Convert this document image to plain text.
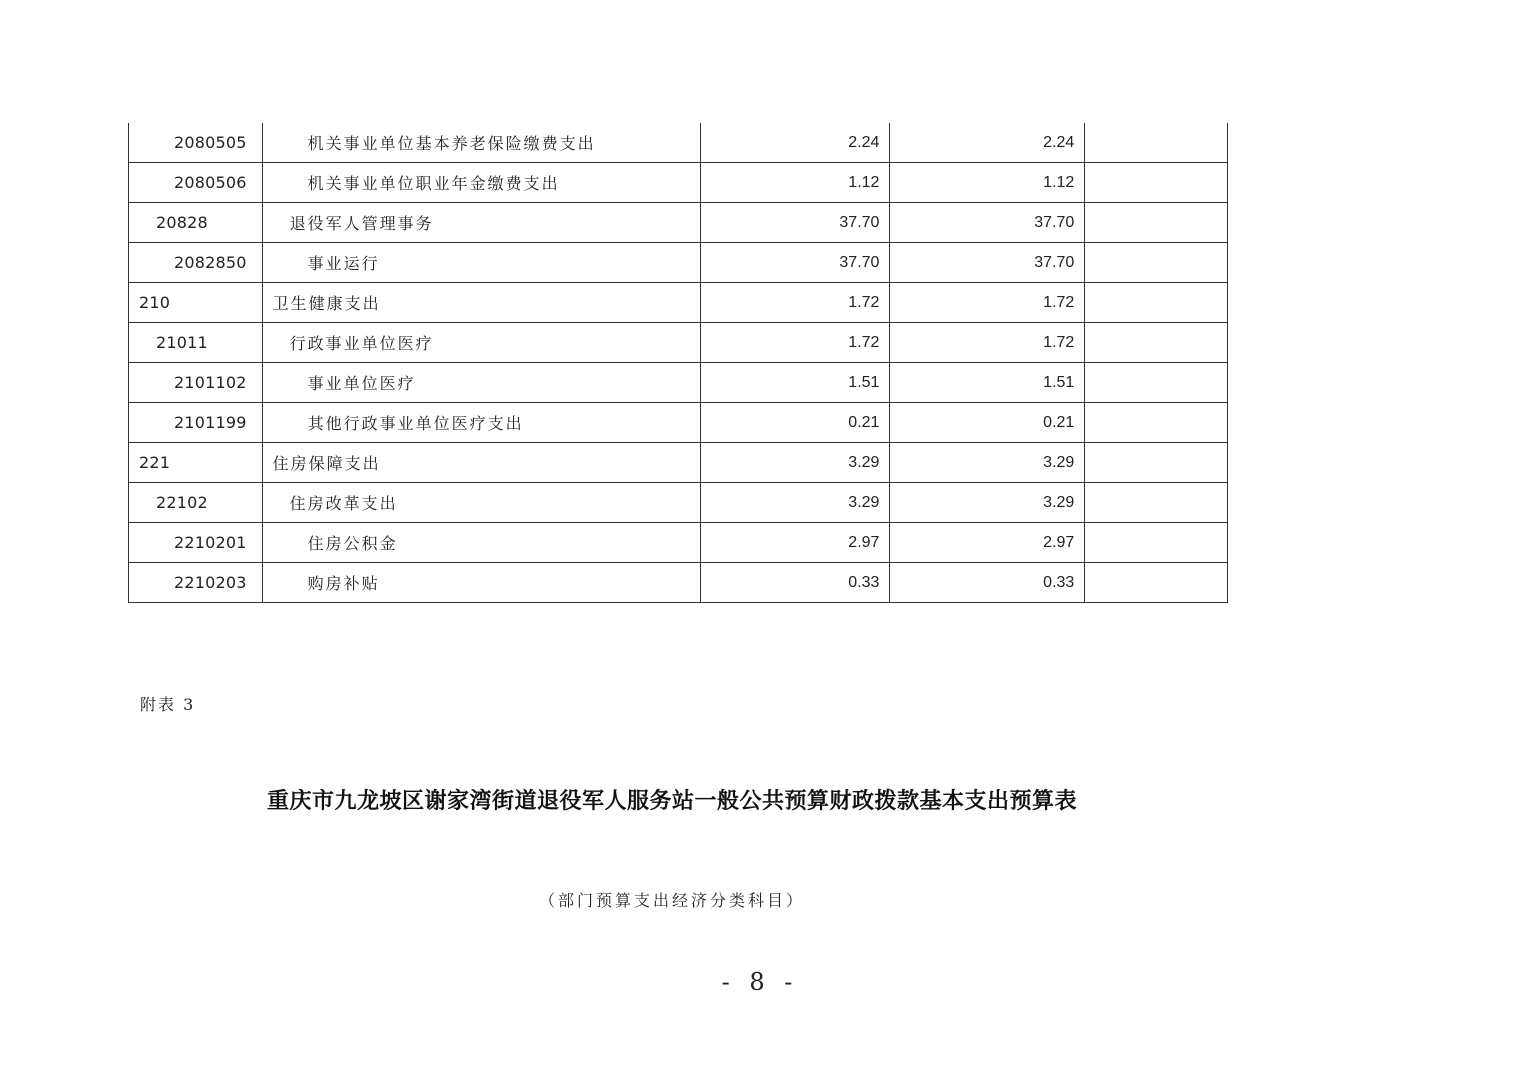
2080505	机关事业单位基本养老保险缴费支出	2.24	2.24	
2080506	机关事业单位职业年金缴费支出	1.12	1.12	
20828	退役军人管理事务	37.70	37.70	
2082850	事业运行	37.70	37.70	
210	卫生健康支出	1.72	1.72	
21011	行政事业单位医疗	1.72	1.72	
2101102	事业单位医疗	1.51	1.51	
2101199	其他行政事业单位医疗支出	0.21	0.21	
221	住房保障支出	3.29	3.29	
22102	住房改革支出	3.29	3.29	
2210201	住房公积金	2.97	2.97	
2210203	购房补贴	0.33	0.33	
附表 3
重庆市九龙坡区谢家湾街道退役军人服务站一般公共预算财政拨款基本支出预算表
（部门预算支出经济分类科目）
- 8 -
